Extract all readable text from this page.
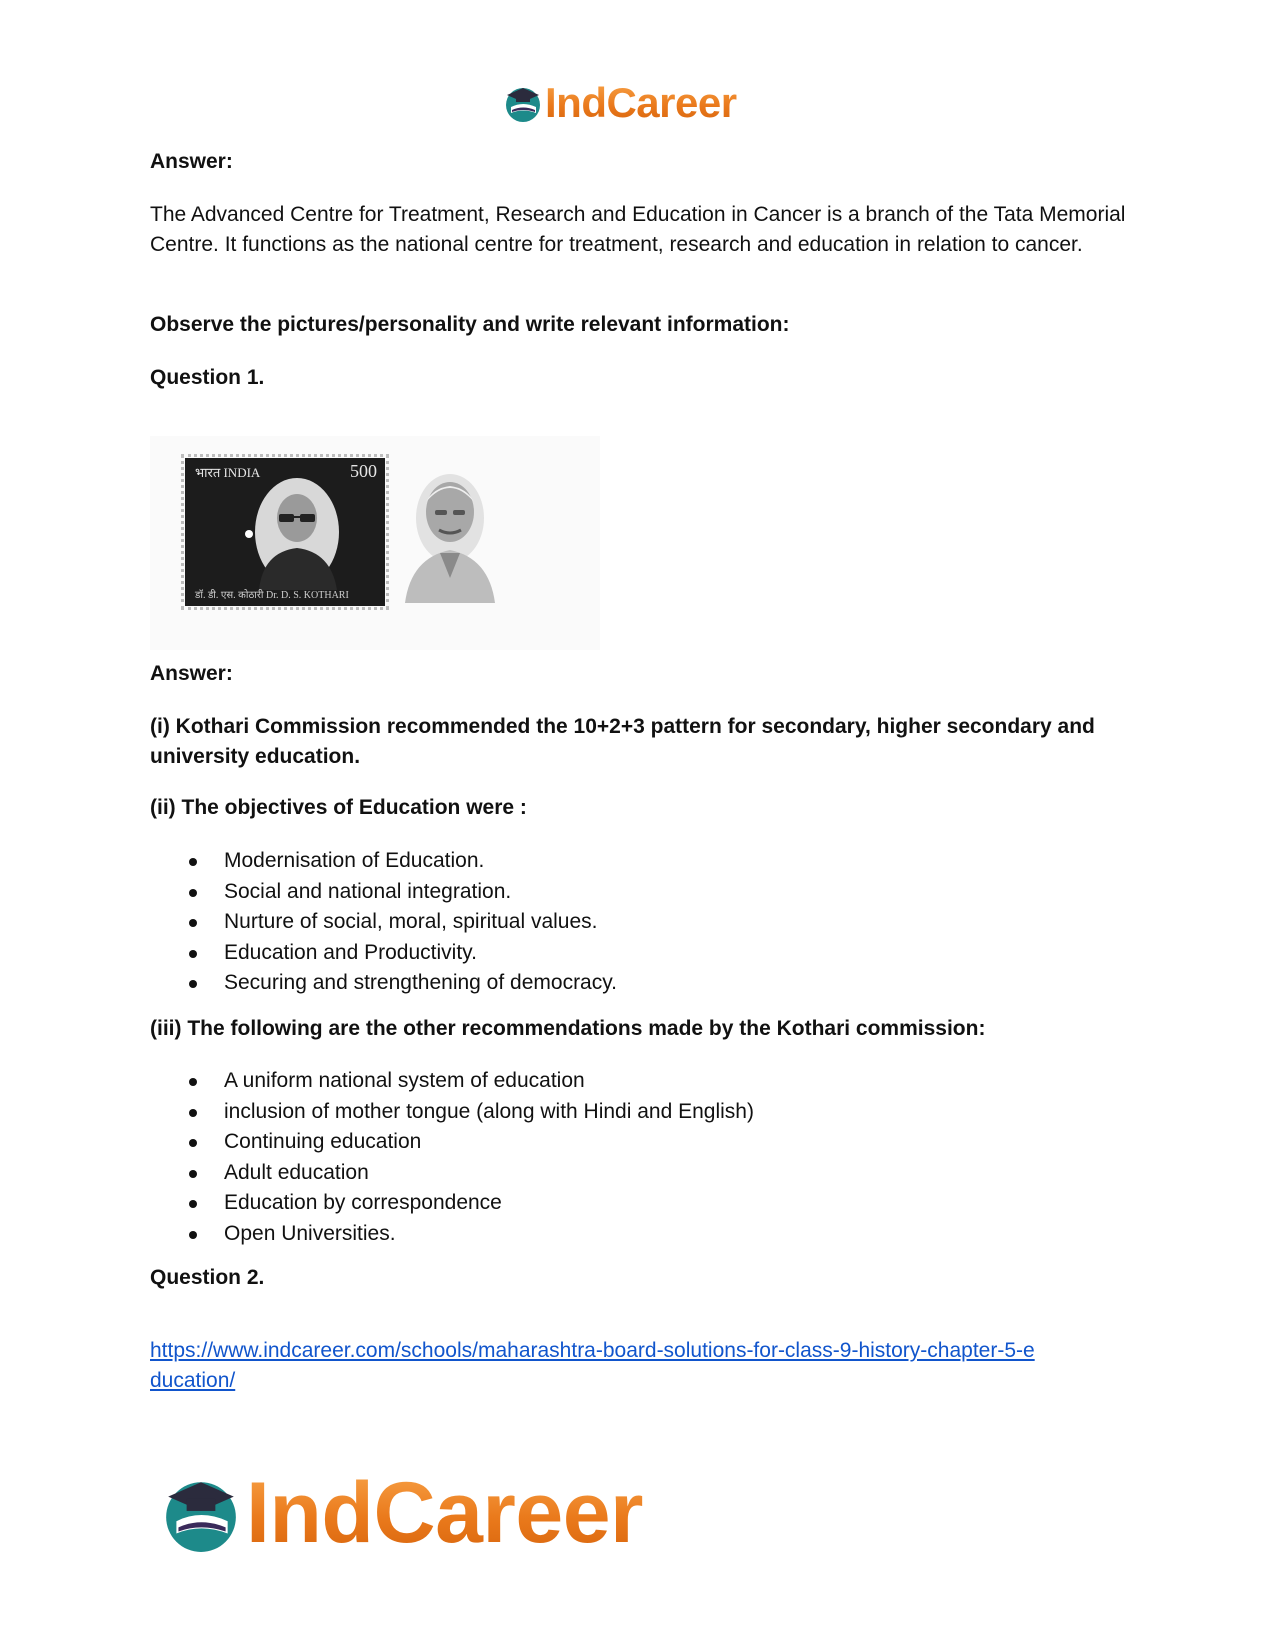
IndCareer

Answer:

The Advanced Centre for Treatment, Research and Education in Cancer is a branch of the Tata Memorial Centre. It functions as the national centre for treatment, research and education in relation to cancer.

Observe the pictures/personality and write relevant information:

Question 1.

भारत INDIA	500
डॉ. डी. एस. कोठारी Dr. D. S. KOTHARI

Answer:

(i) Kothari Commission recommended the 10+2+3 pattern for secondary, higher secondary and university education.

(ii) The objectives of Education were :

Modernisation of Education.
Social and national integration.
Nurture of social, moral, spiritual values.
Education and Productivity.
Securing and strengthening of democracy.

(iii) The following are the other recommendations made by the Kothari commission:

A uniform national system of education
inclusion of mother tongue (along with Hindi and English)
Continuing education
Adult education
Education by correspondence
Open Universities.

Question 2.

https://www.indcareer.com/schools/maharashtra-board-solutions-for-class-9-history-chapter-5-e
ducation/

IndCareer
